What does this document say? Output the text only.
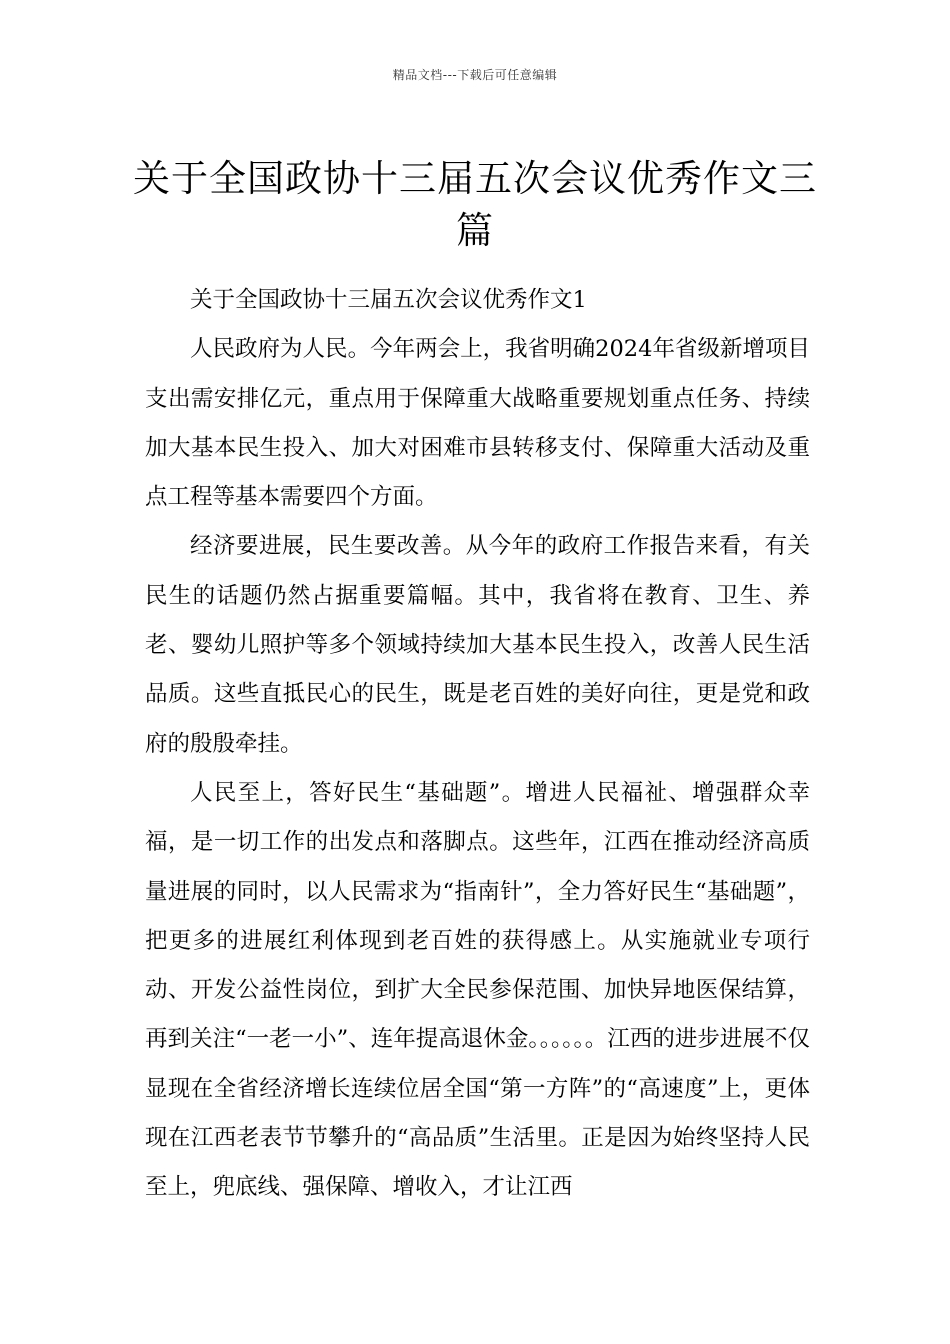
精品文档---下载后可任意编辑
关于全国政协十三届五次会议优秀作文三篇

关于全国政协十三届五次会议优秀作文1

人民政府为人民。今年两会上，我省明确2024年省级新增项目支出需安排亿元，重点用于保障重大战略重要规划重点任务、持续加大基本民生投入、加大对困难市县转移支付、保障重大活动及重点工程等基本需要四个方面。

经济要进展，民生要改善。从今年的政府工作报告来看，有关民生的话题仍然占据重要篇幅。其中，我省将在教育、卫生、养老、婴幼儿照护等多个领域持续加大基本民生投入，改善人民生活品质。这些直抵民心的民生，既是老百姓的美好向往，更是党和政府的殷殷牵挂。

人民至上，答好民生“基础题”。增进人民福祉、增强群众幸福，是一切工作的出发点和落脚点。这些年，江西在推动经济高质量进展的同时，以人民需求为“指南针”，全力答好民生“基础题”，把更多的进展红利体现到老百姓的获得感上。从实施就业专项行动、开发公益性岗位，到扩大全民参保范围、加快异地医保结算，再到关注“一老一小”、连年提高退休金。。。。。。江西的进步进展不仅显现在全省经济增长连续位居全国“第一方阵”的“高速度”上，更体现在江西老表节节攀升的“高品质”生活里。正是因为始终坚持人民至上，兜底线、强保障、增收入，才让江西
